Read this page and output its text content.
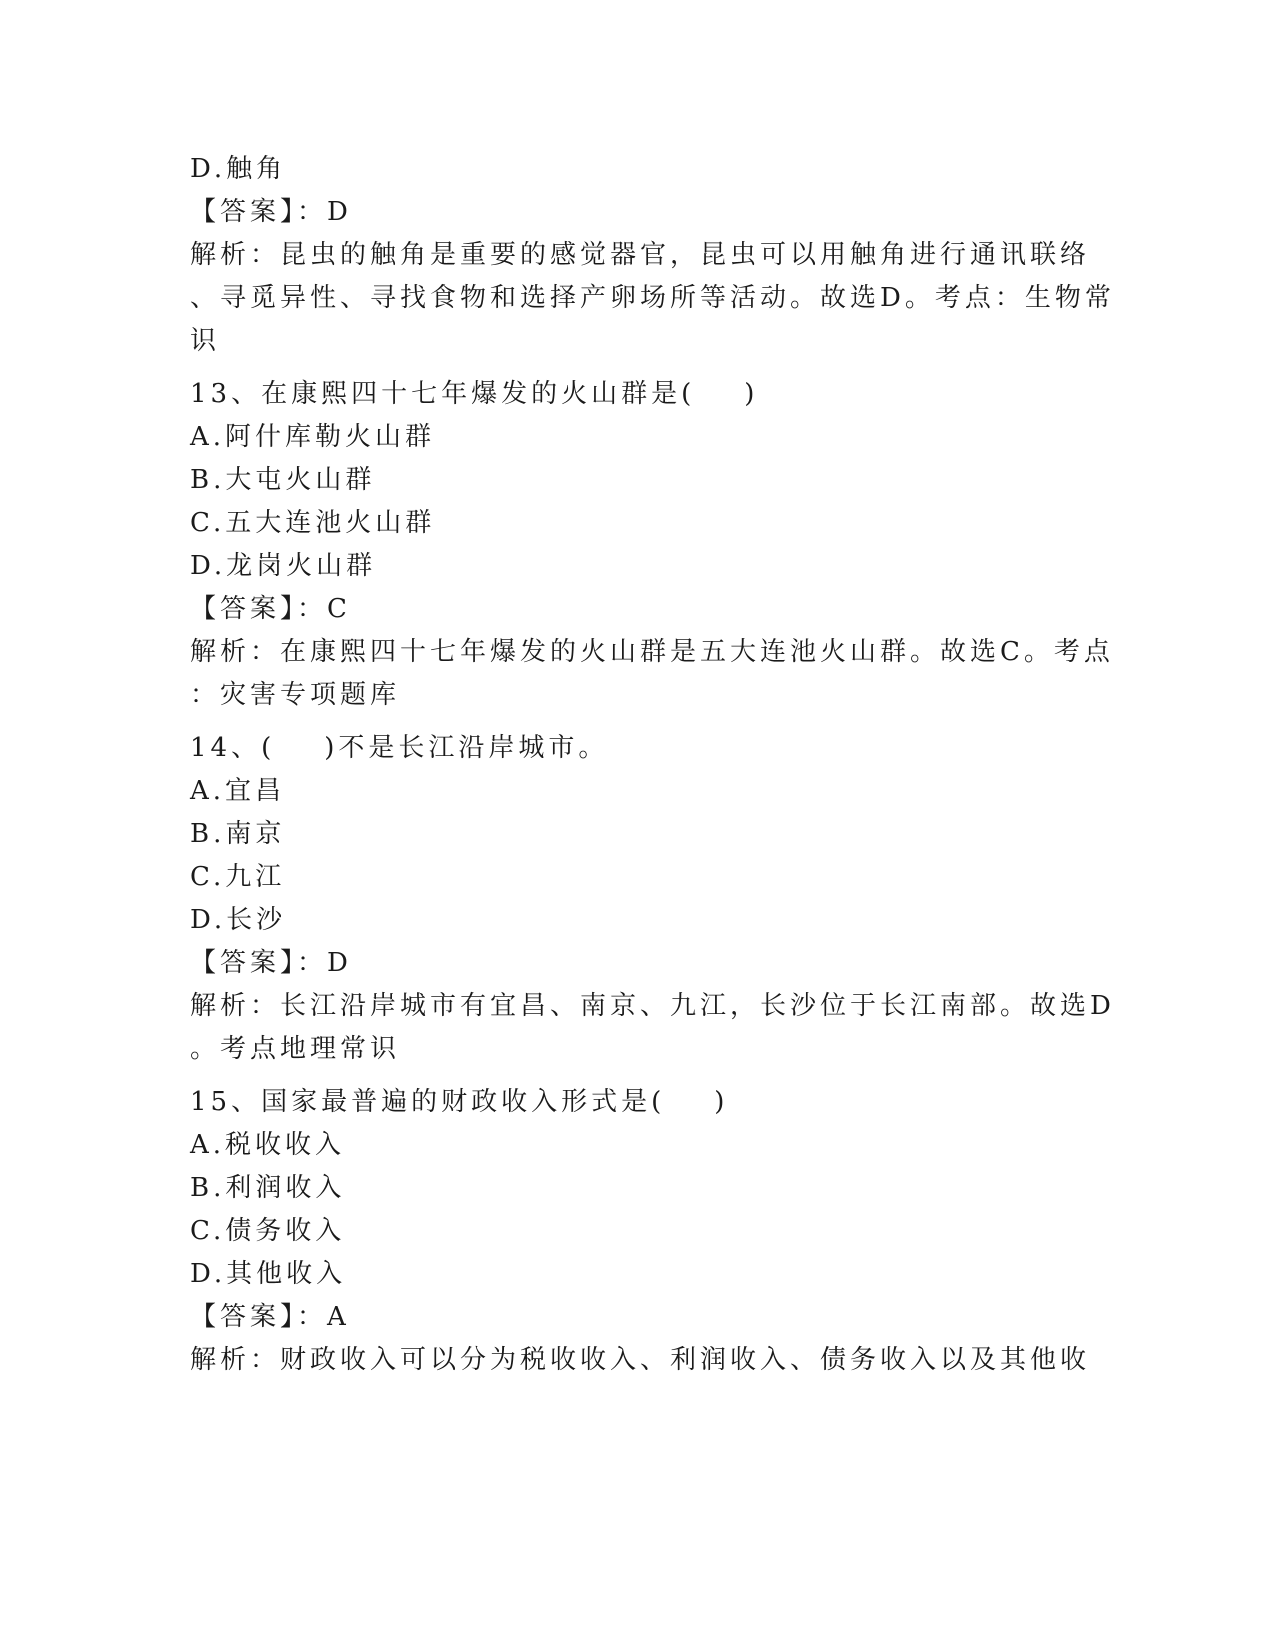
D.触角
【答案】：D
解析：昆虫的触角是重要的感觉器官，昆虫可以用触角进行通讯联络
、寻觅异性、寻找食物和选择产卵场所等活动。故选D。考点：生物常
识
13、在康熙四十七年爆发的火山群是(    )
A.阿什库勒火山群
B.大屯火山群
C.五大连池火山群
D.龙岗火山群
【答案】：C
解析：在康熙四十七年爆发的火山群是五大连池火山群。故选C。考点
：灾害专项题库
14、(    )不是长江沿岸城市。
A.宜昌
B.南京
C.九江
D.长沙
【答案】：D
解析：长江沿岸城市有宜昌、南京、九江，长沙位于长江南部。故选D
。考点地理常识
15、国家最普遍的财政收入形式是(    )
A.税收收入
B.利润收入
C.债务收入
D.其他收入
【答案】：A
解析：财政收入可以分为税收收入、利润收入、债务收入以及其他收
